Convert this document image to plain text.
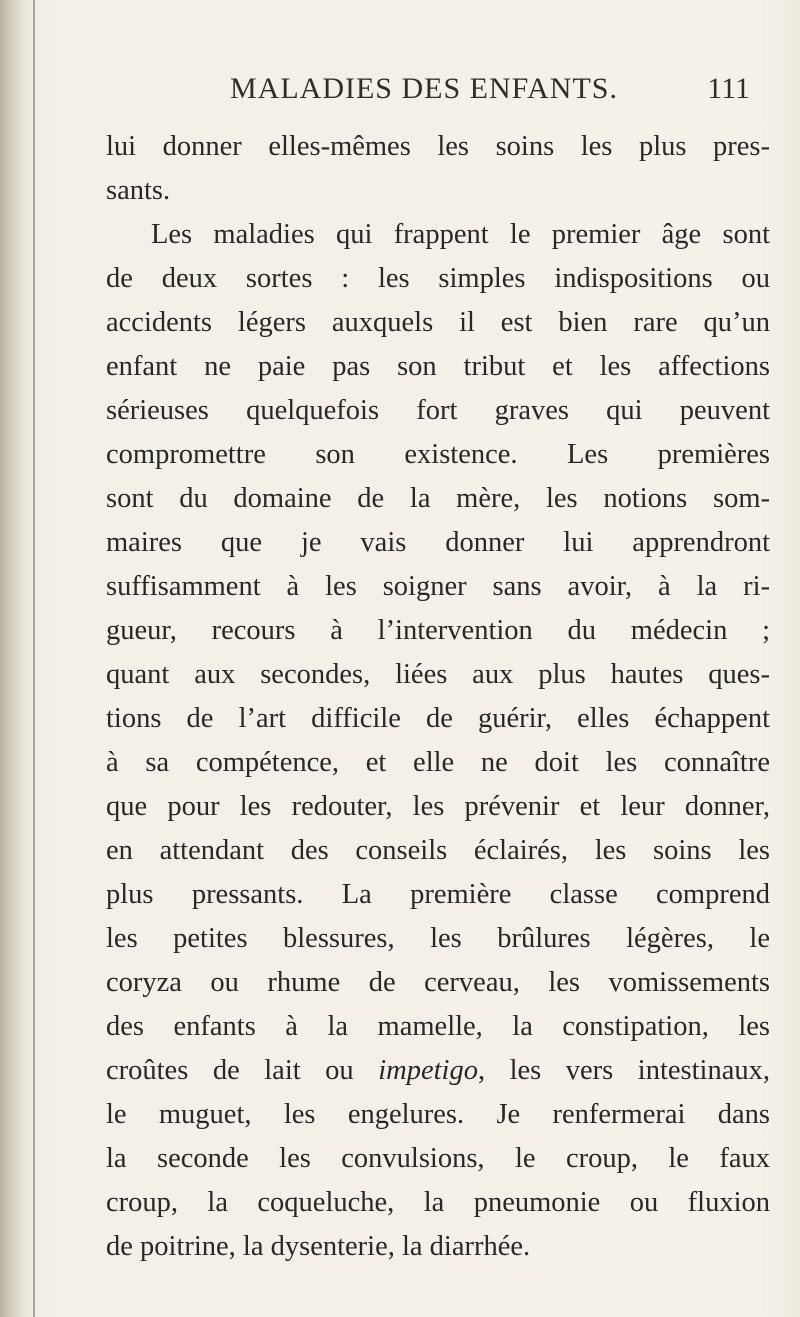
MALADIES DES ENFANTS.	111
lui donner elles-mêmes les soins les plus pres-
sants.
Les maladies qui frappent le premier âge sont
de deux sortes : les simples indispositions ou
accidents légers auxquels il est bien rare qu’un
enfant ne paie pas son tribut et les affections
sérieuses quelquefois fort graves qui peuvent
compromettre son existence. Les premières
sont du domaine de la mère, les notions som-
maires que je vais donner lui apprendront
suffisamment à les soigner sans avoir, à la ri-
gueur, recours à l’intervention du médecin ;
quant aux secondes, liées aux plus hautes ques-
tions de l’art difficile de guérir, elles échappent
à sa compétence, et elle ne doit les connaître
que pour les redouter, les prévenir et leur donner,
en attendant des conseils éclairés, les soins les
plus pressants. La première classe comprend
les petites blessures, les brûlures légères, le
coryza ou rhume de cerveau, les vomissements
des enfants à la mamelle, la constipation, les
croûtes de lait ou impetigo, les vers intestinaux,
le muguet, les engelures. Je renfermerai dans
la seconde les convulsions, le croup, le faux
croup, la coqueluche, la pneumonie ou fluxion
de poitrine, la dysenterie, la diarrhée.
